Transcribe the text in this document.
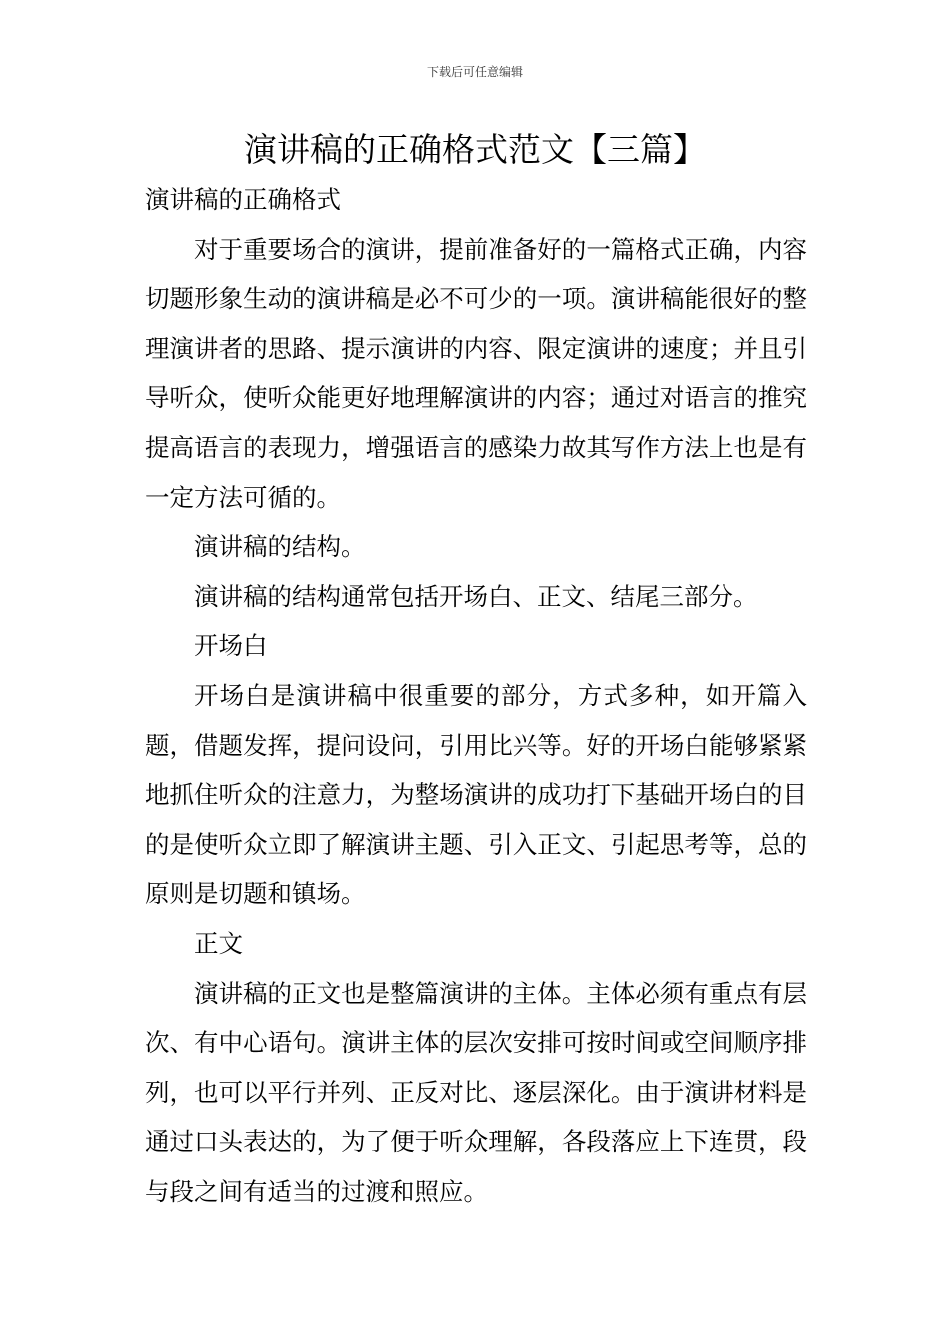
下载后可任意编辑
演讲稿的正确格式范文【三篇】

演讲稿的正确格式

对于重要场合的演讲，提前准备好的一篇格式正确，内容切题形象生动的演讲稿是必不可少的一项。演讲稿能很好的整理演讲者的思路、提示演讲的内容、限定演讲的速度；并且引导听众，使听众能更好地理解演讲的内容；通过对语言的推究提高语言的表现力，增强语言的感染力故其写作方法上也是有一定方法可循的。

演讲稿的结构。

演讲稿的结构通常包括开场白、正文、结尾三部分。

开场白

开场白是演讲稿中很重要的部分，方式多种，如开篇入题，借题发挥，提问设问，引用比兴等。好的开场白能够紧紧地抓住听众的注意力，为整场演讲的成功打下基础开场白的目的是使听众立即了解演讲主题、引入正文、引起思考等，总的原则是切题和镇场。

正文

演讲稿的正文也是整篇演讲的主体。主体必须有重点有层次、有中心语句。演讲主体的层次安排可按时间或空间顺序排列，也可以平行并列、正反对比、逐层深化。由于演讲材料是通过口头表达的，为了便于听众理解，各段落应上下连贯，段与段之间有适当的过渡和照应。
